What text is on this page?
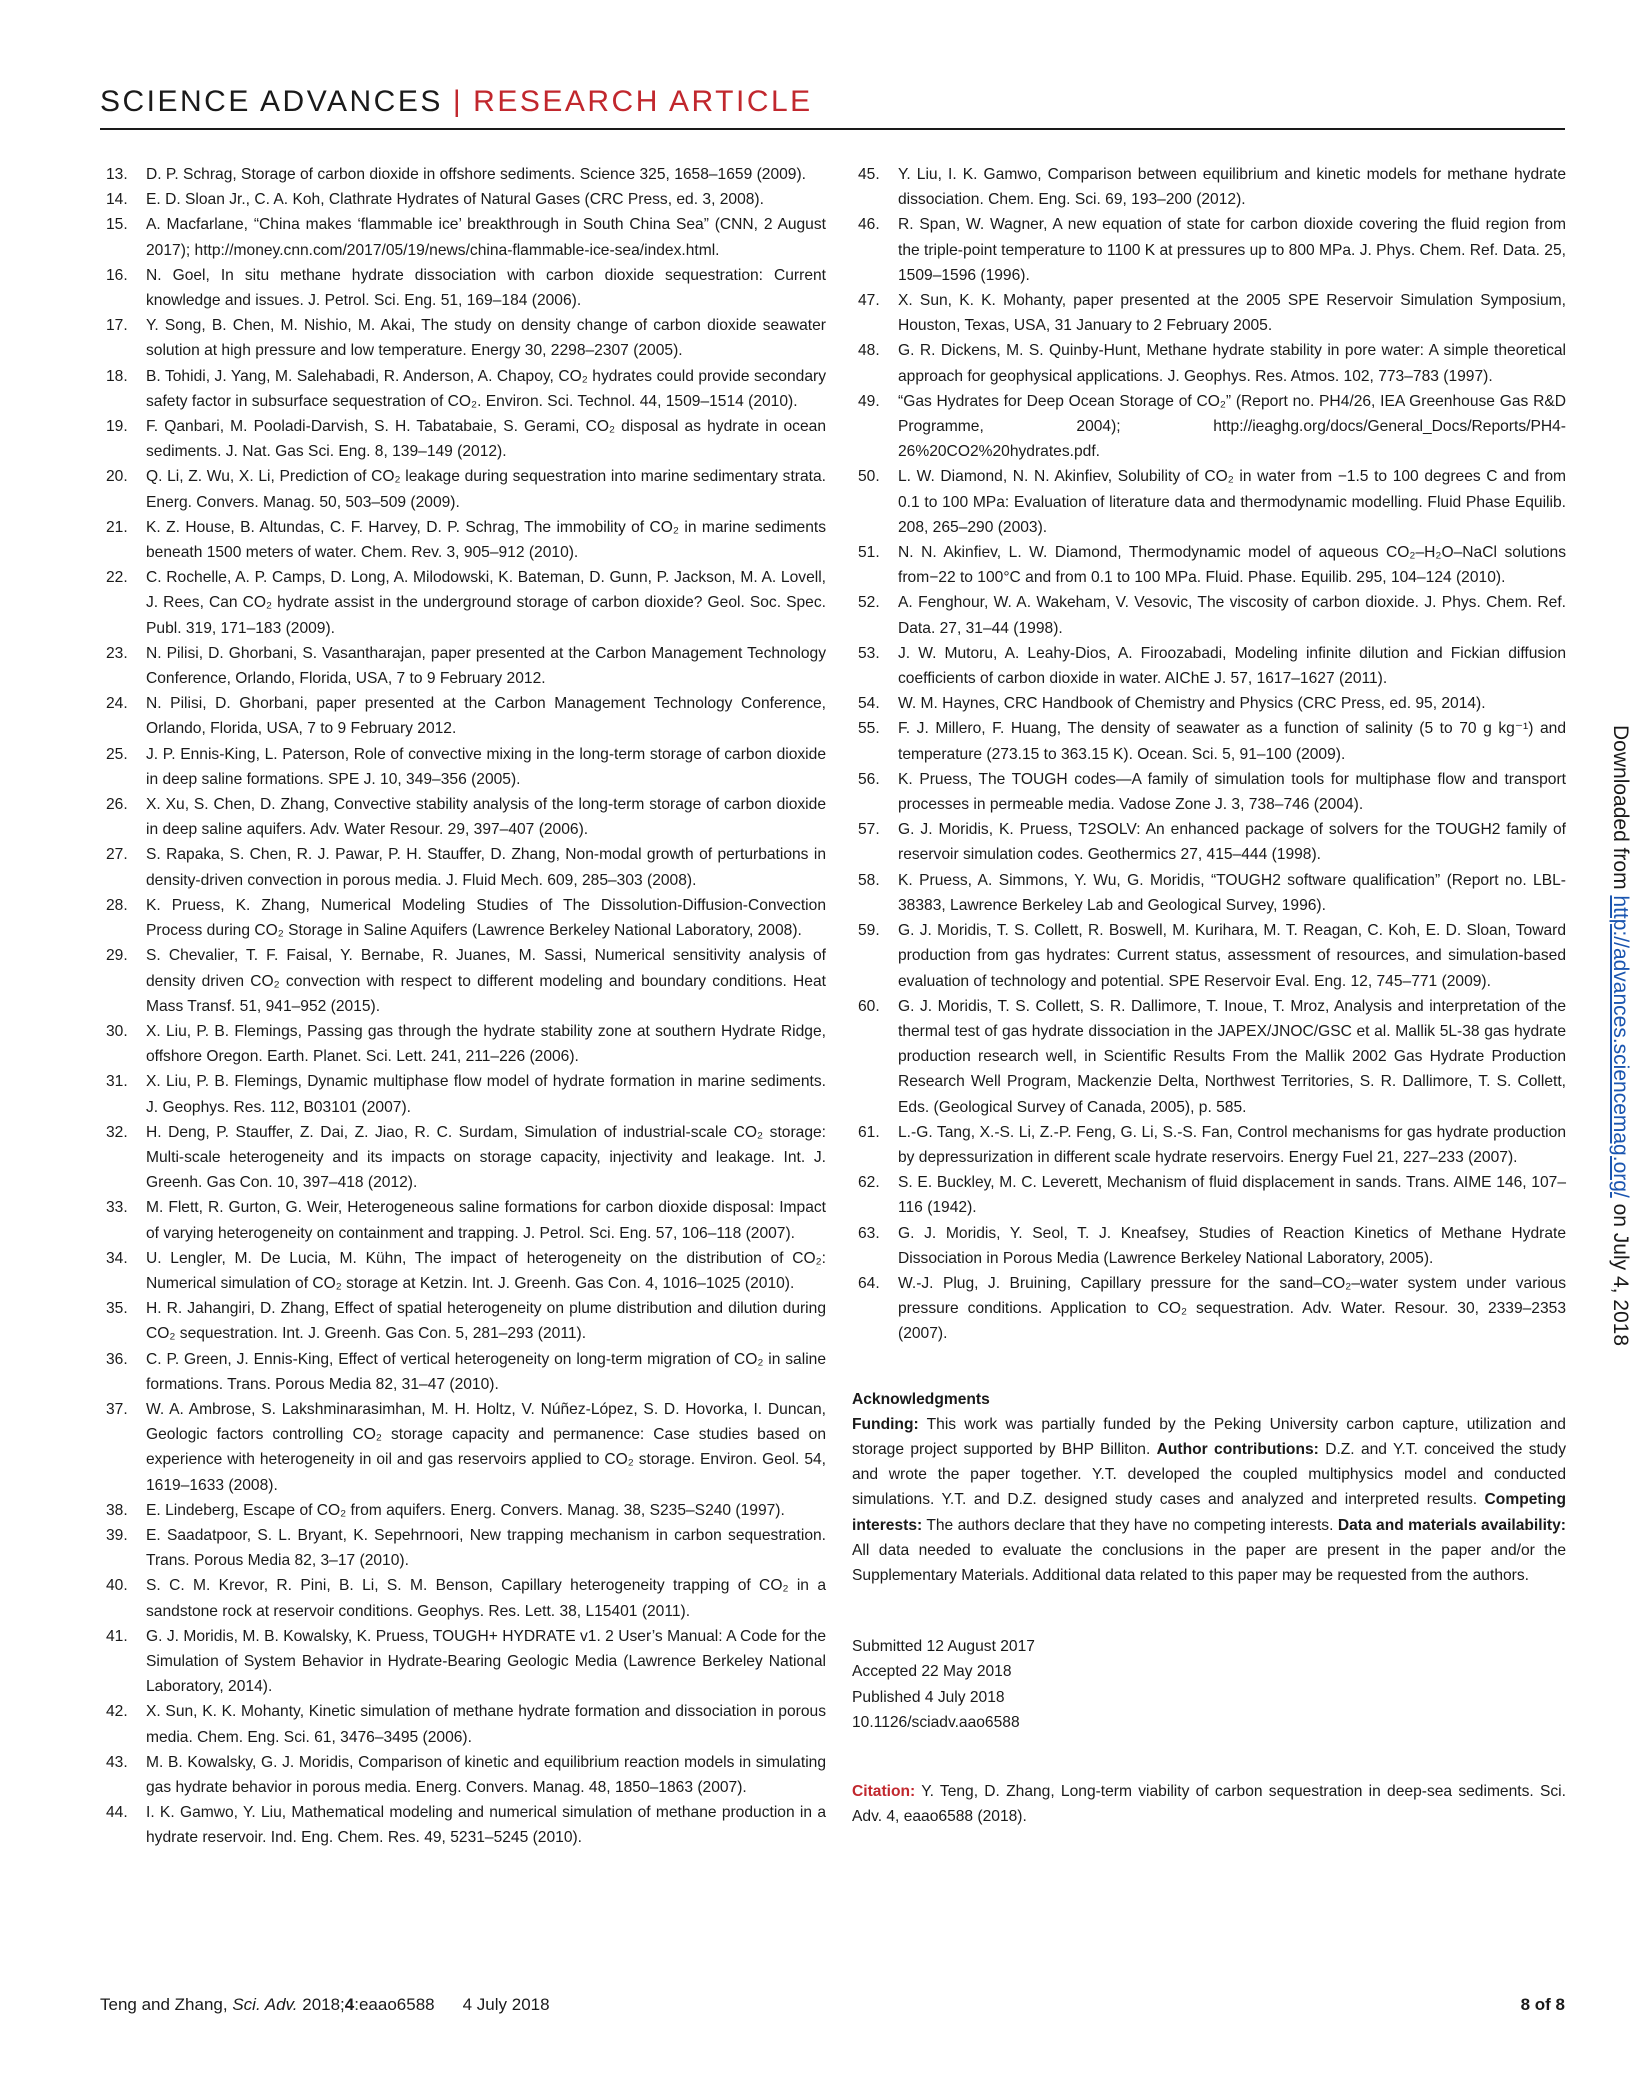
SCIENCE ADVANCES | RESEARCH ARTICLE
13. D. P. Schrag, Storage of carbon dioxide in offshore sediments. Science 325, 1658–1659 (2009).
14. E. D. Sloan Jr., C. A. Koh, Clathrate Hydrates of Natural Gases (CRC Press, ed. 3, 2008).
15. A. Macfarlane, “China makes ‘flammable ice’ breakthrough in South China Sea” (CNN, 2 August 2017); http://money.cnn.com/2017/05/19/news/china-flammable-ice-sea/index.html.
16. N. Goel, In situ methane hydrate dissociation with carbon dioxide sequestration: Current knowledge and issues. J. Petrol. Sci. Eng. 51, 169–184 (2006).
17. Y. Song, B. Chen, M. Nishio, M. Akai, The study on density change of carbon dioxide seawater solution at high pressure and low temperature. Energy 30, 2298–2307 (2005).
18. B. Tohidi, J. Yang, M. Salehabadi, R. Anderson, A. Chapoy, CO₂ hydrates could provide secondary safety factor in subsurface sequestration of CO₂. Environ. Sci. Technol. 44, 1509–1514 (2010).
19. F. Qanbari, M. Pooladi-Darvish, S. H. Tabatabaie, S. Gerami, CO₂ disposal as hydrate in ocean sediments. J. Nat. Gas Sci. Eng. 8, 139–149 (2012).
20. Q. Li, Z. Wu, X. Li, Prediction of CO₂ leakage during sequestration into marine sedimentary strata. Energ. Convers. Manag. 50, 503–509 (2009).
21. K. Z. House, B. Altundas, C. F. Harvey, D. P. Schrag, The immobility of CO₂ in marine sediments beneath 1500 meters of water. Chem. Rev. 3, 905–912 (2010).
22. C. Rochelle, A. P. Camps, D. Long, A. Milodowski, K. Bateman, D. Gunn, P. Jackson, M. A. Lovell, J. Rees, Can CO₂ hydrate assist in the underground storage of carbon dioxide? Geol. Soc. Spec. Publ. 319, 171–183 (2009).
23. N. Pilisi, D. Ghorbani, S. Vasantharajan, paper presented at the Carbon Management Technology Conference, Orlando, Florida, USA, 7 to 9 February 2012.
24. N. Pilisi, D. Ghorbani, paper presented at the Carbon Management Technology Conference, Orlando, Florida, USA, 7 to 9 February 2012.
25. J. P. Ennis-King, L. Paterson, Role of convective mixing in the long-term storage of carbon dioxide in deep saline formations. SPE J. 10, 349–356 (2005).
26. X. Xu, S. Chen, D. Zhang, Convective stability analysis of the long-term storage of carbon dioxide in deep saline aquifers. Adv. Water Resour. 29, 397–407 (2006).
27. S. Rapaka, S. Chen, R. J. Pawar, P. H. Stauffer, D. Zhang, Non-modal growth of perturbations in density-driven convection in porous media. J. Fluid Mech. 609, 285–303 (2008).
28. K. Pruess, K. Zhang, Numerical Modeling Studies of The Dissolution-Diffusion-Convection Process during CO₂ Storage in Saline Aquifers (Lawrence Berkeley National Laboratory, 2008).
29. S. Chevalier, T. F. Faisal, Y. Bernabe, R. Juanes, M. Sassi, Numerical sensitivity analysis of density driven CO₂ convection with respect to different modeling and boundary conditions. Heat Mass Transf. 51, 941–952 (2015).
30. X. Liu, P. B. Flemings, Passing gas through the hydrate stability zone at southern Hydrate Ridge, offshore Oregon. Earth. Planet. Sci. Lett. 241, 211–226 (2006).
31. X. Liu, P. B. Flemings, Dynamic multiphase flow model of hydrate formation in marine sediments. J. Geophys. Res. 112, B03101 (2007).
32. H. Deng, P. Stauffer, Z. Dai, Z. Jiao, R. C. Surdam, Simulation of industrial-scale CO₂ storage: Multi-scale heterogeneity and its impacts on storage capacity, injectivity and leakage. Int. J. Greenh. Gas Con. 10, 397–418 (2012).
33. M. Flett, R. Gurton, G. Weir, Heterogeneous saline formations for carbon dioxide disposal: Impact of varying heterogeneity on containment and trapping. J. Petrol. Sci. Eng. 57, 106–118 (2007).
34. U. Lengler, M. De Lucia, M. Kühn, The impact of heterogeneity on the distribution of CO₂: Numerical simulation of CO₂ storage at Ketzin. Int. J. Greenh. Gas Con. 4, 1016–1025 (2010).
35. H. R. Jahangiri, D. Zhang, Effect of spatial heterogeneity on plume distribution and dilution during CO₂ sequestration. Int. J. Greenh. Gas Con. 5, 281–293 (2011).
36. C. P. Green, J. Ennis-King, Effect of vertical heterogeneity on long-term migration of CO₂ in saline formations. Trans. Porous Media 82, 31–47 (2010).
37. W. A. Ambrose, S. Lakshminarasimhan, M. H. Holtz, V. Núñez-López, S. D. Hovorka, I. Duncan, Geologic factors controlling CO₂ storage capacity and permanence: Case studies based on experience with heterogeneity in oil and gas reservoirs applied to CO₂ storage. Environ. Geol. 54, 1619–1633 (2008).
38. E. Lindeberg, Escape of CO₂ from aquifers. Energ. Convers. Manag. 38, S235–S240 (1997).
39. E. Saadatpoor, S. L. Bryant, K. Sepehrnoori, New trapping mechanism in carbon sequestration. Trans. Porous Media 82, 3–17 (2010).
40. S. C. M. Krevor, R. Pini, B. Li, S. M. Benson, Capillary heterogeneity trapping of CO₂ in a sandstone rock at reservoir conditions. Geophys. Res. Lett. 38, L15401 (2011).
41. G. J. Moridis, M. B. Kowalsky, K. Pruess, TOUGH+ HYDRATE v1. 2 User’s Manual: A Code for the Simulation of System Behavior in Hydrate-Bearing Geologic Media (Lawrence Berkeley National Laboratory, 2014).
42. X. Sun, K. K. Mohanty, Kinetic simulation of methane hydrate formation and dissociation in porous media. Chem. Eng. Sci. 61, 3476–3495 (2006).
43. M. B. Kowalsky, G. J. Moridis, Comparison of kinetic and equilibrium reaction models in simulating gas hydrate behavior in porous media. Energ. Convers. Manag. 48, 1850–1863 (2007).
44. I. K. Gamwo, Y. Liu, Mathematical modeling and numerical simulation of methane production in a hydrate reservoir. Ind. Eng. Chem. Res. 49, 5231–5245 (2010).
45. Y. Liu, I. K. Gamwo, Comparison between equilibrium and kinetic models for methane hydrate dissociation. Chem. Eng. Sci. 69, 193–200 (2012).
46. R. Span, W. Wagner, A new equation of state for carbon dioxide covering the fluid region from the triple-point temperature to 1100 K at pressures up to 800 MPa. J. Phys. Chem. Ref. Data. 25, 1509–1596 (1996).
47. X. Sun, K. K. Mohanty, paper presented at the 2005 SPE Reservoir Simulation Symposium, Houston, Texas, USA, 31 January to 2 February 2005.
48. G. R. Dickens, M. S. Quinby-Hunt, Methane hydrate stability in pore water: A simple theoretical approach for geophysical applications. J. Geophys. Res. Atmos. 102, 773–783 (1997).
49. “Gas Hydrates for Deep Ocean Storage of CO₂” (Report no. PH4/26, IEA Greenhouse Gas R&D Programme, 2004); http://ieaghg.org/docs/General_Docs/Reports/PH4-26%20CO2%20hydrates.pdf.
50. L. W. Diamond, N. N. Akinfiev, Solubility of CO₂ in water from −1.5 to 100 degrees C and from 0.1 to 100 MPa: Evaluation of literature data and thermodynamic modelling. Fluid Phase Equilib. 208, 265–290 (2003).
51. N. N. Akinfiev, L. W. Diamond, Thermodynamic model of aqueous CO₂–H₂O–NaCl solutions from−22 to 100°C and from 0.1 to 100 MPa. Fluid. Phase. Equilib. 295, 104–124 (2010).
52. A. Fenghour, W. A. Wakeham, V. Vesovic, The viscosity of carbon dioxide. J. Phys. Chem. Ref. Data. 27, 31–44 (1998).
53. J. W. Mutoru, A. Leahy-Dios, A. Firoozabadi, Modeling infinite dilution and Fickian diffusion coefficients of carbon dioxide in water. AIChE J. 57, 1617–1627 (2011).
54. W. M. Haynes, CRC Handbook of Chemistry and Physics (CRC Press, ed. 95, 2014).
55. F. J. Millero, F. Huang, The density of seawater as a function of salinity (5 to 70 g kg⁻¹) and temperature (273.15 to 363.15 K). Ocean. Sci. 5, 91–100 (2009).
56. K. Pruess, The TOUGH codes—A family of simulation tools for multiphase flow and transport processes in permeable media. Vadose Zone J. 3, 738–746 (2004).
57. G. J. Moridis, K. Pruess, T2SOLV: An enhanced package of solvers for the TOUGH2 family of reservoir simulation codes. Geothermics 27, 415–444 (1998).
58. K. Pruess, A. Simmons, Y. Wu, G. Moridis, “TOUGH2 software qualification” (Report no. LBL-38383, Lawrence Berkeley Lab and Geological Survey, 1996).
59. G. J. Moridis, T. S. Collett, R. Boswell, M. Kurihara, M. T. Reagan, C. Koh, E. D. Sloan, Toward production from gas hydrates: Current status, assessment of resources, and simulation-based evaluation of technology and potential. SPE Reservoir Eval. Eng. 12, 745–771 (2009).
60. G. J. Moridis, T. S. Collett, S. R. Dallimore, T. Inoue, T. Mroz, Analysis and interpretation of the thermal test of gas hydrate dissociation in the JAPEX/JNOC/GSC et al. Mallik 5L-38 gas hydrate production research well, in Scientific Results From the Mallik 2002 Gas Hydrate Production Research Well Program, Mackenzie Delta, Northwest Territories, S. R. Dallimore, T. S. Collett, Eds. (Geological Survey of Canada, 2005), p. 585.
61. L.-G. Tang, X.-S. Li, Z.-P. Feng, G. Li, S.-S. Fan, Control mechanisms for gas hydrate production by depressurization in different scale hydrate reservoirs. Energy Fuel 21, 227–233 (2007).
62. S. E. Buckley, M. C. Leverett, Mechanism of fluid displacement in sands. Trans. AIME 146, 107–116 (1942).
63. G. J. Moridis, Y. Seol, T. J. Kneafsey, Studies of Reaction Kinetics of Methane Hydrate Dissociation in Porous Media (Lawrence Berkeley National Laboratory, 2005).
64. W.-J. Plug, J. Bruining, Capillary pressure for the sand–CO₂–water system under various pressure conditions. Application to CO₂ sequestration. Adv. Water. Resour. 30, 2339–2353 (2007).
Acknowledgments
Funding: This work was partially funded by the Peking University carbon capture, utilization and storage project supported by BHP Billiton. Author contributions: D.Z. and Y.T. conceived the study and wrote the paper together. Y.T. developed the coupled multiphysics model and conducted simulations. Y.T. and D.Z. designed study cases and analyzed and interpreted results. Competing interests: The authors declare that they have no competing interests. Data and materials availability: All data needed to evaluate the conclusions in the paper are present in the paper and/or the Supplementary Materials. Additional data related to this paper may be requested from the authors.
Submitted 12 August 2017
Accepted 22 May 2018
Published 4 July 2018
10.1126/sciadv.aao6588
Citation: Y. Teng, D. Zhang, Long-term viability of carbon sequestration in deep-sea sediments. Sci. Adv. 4, eaao6588 (2018).
Teng and Zhang, Sci. Adv. 2018;4:eaao6588 4 July 2018	8 of 8
Downloaded from http://advances.sciencemag.org/ on July 4, 2018
